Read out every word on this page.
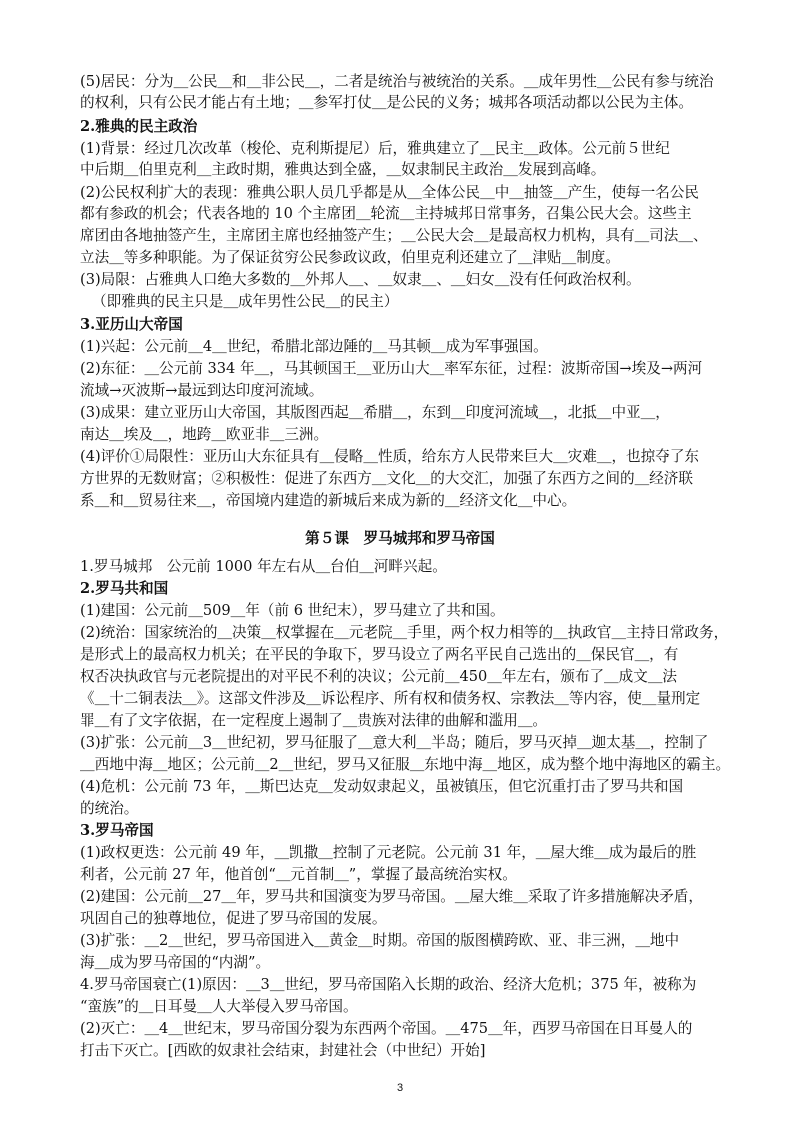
(5)居民：分为＿公民＿和＿非公民＿，二者是统治与被统治的关系。＿成年男性＿公民有参与统治
的权利，只有公民才能占有土地；＿参军打仗＿是公民的义务；城邦各项活动都以公民为主体。
2.雅典的民主政治
(1)背景：经过几次改革（梭伦、克利斯提尼）后，雅典建立了＿民主＿政体。公元前５世纪
中后期＿伯里克利＿主政时期，雅典达到全盛，＿奴隶制民主政治＿发展到高峰。
(2)公民权利扩大的表现：雅典公职人员几乎都是从＿全体公民＿中＿抽签＿产生，使每一名公民
都有参政的机会；代表各地的 10 个主席团＿轮流＿主持城邦日常事务，召集公民大会。这些主
席团由各地抽签产生，主席团主席也经抽签产生；＿公民大会＿是最高权力机构，具有＿司法＿、
立法＿等多种职能。为了保证贫穷公民参政议政，伯里克利还建立了＿津贴＿制度。
(3)局限：占雅典人口绝大多数的＿外邦人＿、＿奴隶＿、＿妇女＿没有任何政治权利。
（即雅典的民主只是＿成年男性公民＿的民主）
3.亚历山大帝国
(1)兴起：公元前＿4＿世纪，希腊北部边陲的＿马其顿＿成为军事强国。
(2)东征：＿公元前 334 年＿，马其顿国王＿亚历山大＿率军东征，过程：波斯帝国→埃及→两河
流域→灭波斯→最远到达印度河流域。
(3)成果：建立亚历山大帝国，其版图西起＿希腊＿，东到＿印度河流域＿，北抵＿中亚＿，
南达＿埃及＿，地跨＿欧亚非＿三洲。
(4)评价①局限性：亚历山大东征具有＿侵略＿性质，给东方人民带来巨大＿灾难＿，也掠夺了东
方世界的无数财富；②积极性：促进了东西方＿文化＿的大交汇，加强了东西方之间的＿经济联
系＿和＿贸易往来＿，帝国境内建造的新城后来成为新的＿经济文化＿中心。
1.罗马城邦　公元前 1000 年左右从＿台伯＿河畔兴起。
2.罗马共和国
(1)建国：公元前＿509＿年（前 6 世纪末），罗马建立了共和国。
(2)统治：国家统治的＿决策＿权掌握在＿元老院＿手里，两个权力相等的＿执政官＿主持日常政务，
是形式上的最高权力机关；在平民的争取下，罗马设立了两名平民自己选出的＿保民官＿，有
权否决执政官与元老院提出的对平民不利的决议；公元前＿450＿年左右，颁布了＿成文＿法
《＿十二铜表法＿》。这部文件涉及＿诉讼程序、所有权和债务权、宗教法＿等内容，使＿量刑定
罪＿有了文字依据，在一定程度上遏制了＿贵族对法律的曲解和滥用＿。
(3)扩张：公元前＿3＿世纪初，罗马征服了＿意大利＿半岛；随后，罗马灭掉＿迦太基＿，控制了
＿西地中海＿地区；公元前＿2＿世纪，罗马又征服＿东地中海＿地区，成为整个地中海地区的霸主。
(4)危机：公元前 73 年，＿斯巴达克＿发动奴隶起义，虽被镇压，但它沉重打击了罗马共和国
的统治。
3.罗马帝国
(1)政权更迭：公元前 49 年，＿凯撒＿控制了元老院。公元前 31 年，＿屋大维＿成为最后的胜
利者，公元前 27 年，他首创“＿元首制＿”，掌握了最高统治实权。
(2)建国：公元前＿27＿年，罗马共和国演变为罗马帝国。＿屋大维＿采取了许多措施解决矛盾，
巩固自己的独尊地位，促进了罗马帝国的发展。
(3)扩张：＿2＿世纪，罗马帝国进入＿黄金＿时期。帝国的版图横跨欧、亚、非三洲，＿地中
海＿成为罗马帝国的“内湖”。
4.罗马帝国衰亡(1)原因：＿3＿世纪，罗马帝国陷入长期的政治、经济大危机；375 年，被称为
“蛮族”的＿日耳曼＿人大举侵入罗马帝国。
(2)灭亡：＿4＿世纪末，罗马帝国分裂为东西两个帝国。＿475＿年，西罗马帝国在日耳曼人的
打击下灭亡。[西欧的奴隶社会结束，封建社会（中世纪）开始]
第５课　罗马城邦和罗马帝国
3
